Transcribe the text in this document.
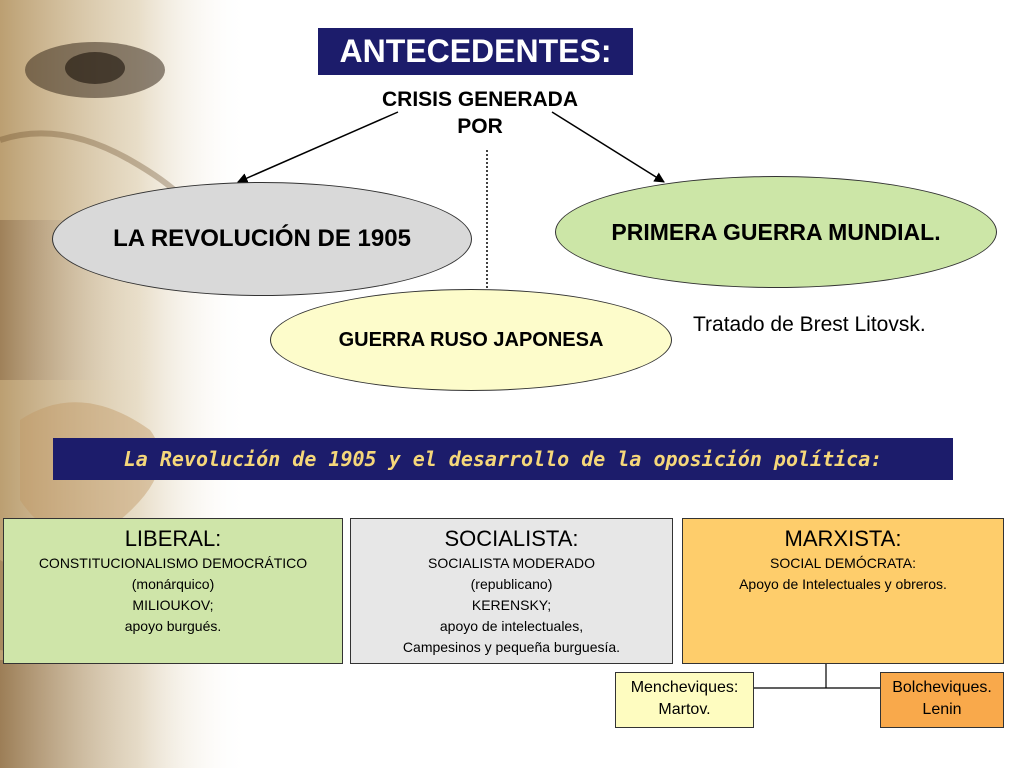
ANTECEDENTES:
CRISIS GENERADA
POR
LA REVOLUCIÓN DE 1905	PRIMERA GUERRA MUNDIAL.
GUERRA RUSO JAPONESA
Tratado de Brest Litovsk.
La Revolución de 1905 y el desarrollo de la oposición política:
LIBERAL:
CONSTITUCIONALISMO DEMOCRÁTICO
(monárquico)
MILIOUKOV;
apoyo burgués.
SOCIALISTA:
SOCIALISTA MODERADO
(republicano)
KERENSKY;
apoyo de intelectuales,
Campesinos y pequeña burguesía.
MARXISTA:
SOCIAL DEMÓCRATA:
Apoyo de Intelectuales y obreros.
Mencheviques:
Martov.
Bolcheviques.
Lenin
